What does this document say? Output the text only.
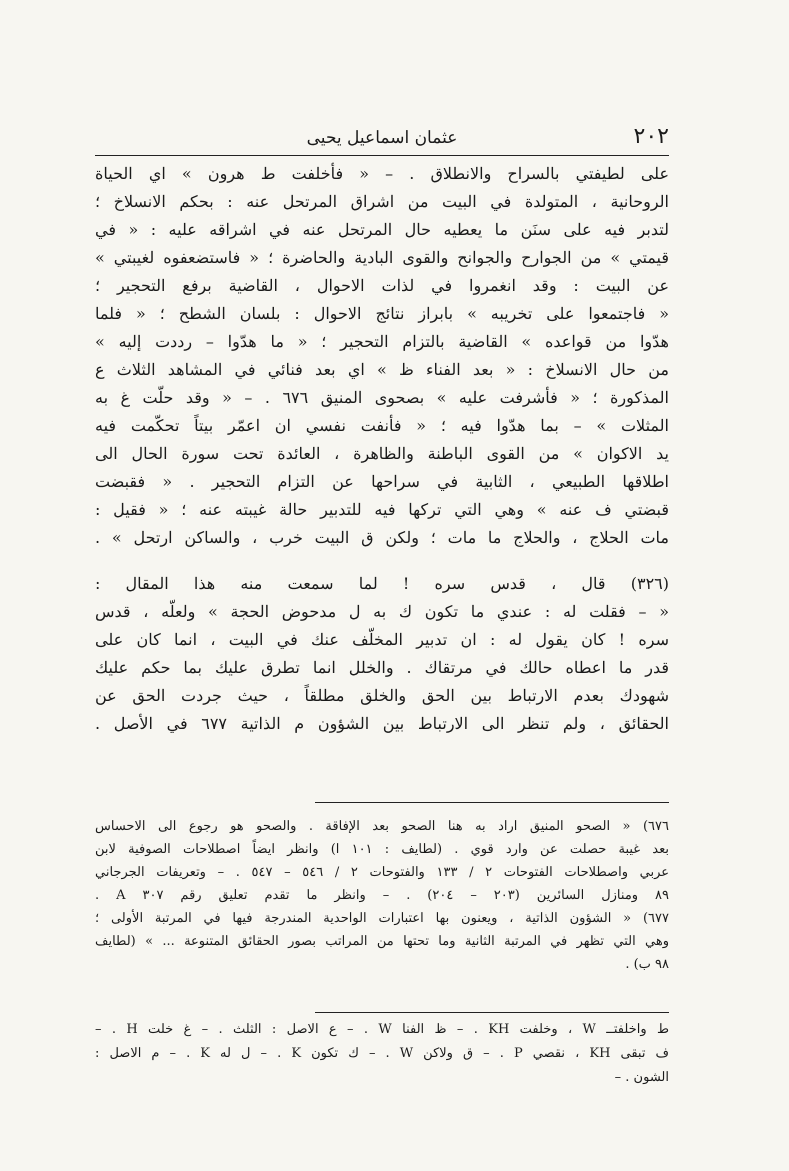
٢٠٢
عثمان اسماعيل يحيى
على لطيفتي بالسراح والانطلاق . – « فأخلفت ط هرون » اي الحياة
الروحانية ، المتولدة في البيت من اشراق المرتحل عنه : بحكم الانسلاخ ؛
لتدبر فيه على سنَن ما يعطيه حال المرتحل عنه في اشراقه عليه : « في
قيمتي » من الجوارح والجوانح والقوى البادية والحاضرة ؛ « فاستضعفوه لغيبتي »
عن البيت : وقد انغمروا في لذات الاحوال ، القاضية برفع التحجير ؛
« فاجتمعوا على تخريبه » بابراز نتائج الاحوال : بلسان الشطح ؛ « فلما
هدّوا من قواعده » القاضية بالتزام التحجير ؛ « ما هدّوا – رددت إليه »
من حال الانسلاخ : « بعد الفناء ظ » اي بعد فنائي في المشاهد الثلاث ع
المذكورة ؛ « فأشرفت عليه » بصحوى المنيق ٦٧٦ . – « وقد حلّت غ به
المثلات » – بما هدّوا فيه ؛ « فأنفت نفسي ان اعمّر بيتاً تحكّمت فيه
يد الاكوان » من القوى الباطنة والظاهرة ، العائدة تحت سورة الحال الى
اطلاقها الطبيعي ، الثابية في سراحها عن التزام التحجير . « فقبضت
قبضتي ف عنه » وهي التي تركها فيه للتدبير حالة غيبته عنه ؛ « فقيل :
مات الحلاج ، والحلاج ما مات ؛ ولكن ق البيت خرب ، والساكن ارتحل » .
(٣٢٦) قال ، قدس سره ! لما سمعت منه هذا المقال :
« – فقلت له : عندي ما تكون ك به ل مدحوض الحجة » ولعلّه ، قدس
سره ! كان يقول له : ان تدبير المخلّف عنك في البيت ، انما كان على
قدر ما اعطاه حالك في مرتقاك . والخلل انما تطرق عليك بما حكم عليك
شهودك بعدم الارتباط بين الحق والخلق مطلقاً ، حيث جردت الحق عن
الحقائق ، ولم تنظر الى الارتباط بين الشؤون م الذاتية ٦٧٧ في الأصل .
٦٧٦) « الصحو المنيق اراد به هنا الصحو بعد الإفاقة . والصحو هو رجوع الى الاحساس
بعد غيبة حصلت عن وارد قوي . (لطايف : ١٠١ ا) وانظر ايضاً اصطلاحات الصوفية لابن
عربي واصطلاحات الفتوحات ٢ / ١٣٣ والفتوحات ٢ / ٥٤٦ – ٥٤٧ . – وتعريفات الجرجاني
٨٩ ومنازل السائرين (٢٠٣ – ٢٠٤) . – وانظر ما تقدم تعليق رقم ٣٠٧ A .
٦٧٧) « الشؤون الذاتية ، ويعنون بها اعتبارات الواحدية المندرجة فيها في المرتبة الأولى ؛
وهي التي تظهر في المرتبة الثانية وما تحتها من المراتب بصور الحقائق المتنوعة ... » (لطايف
٩٨ ب) .
ط واخلفتــ W ، وخلفت KH . – ظ الفنا W . – ع الاصل : الثلث . – غ خلت H . –
ف تبقى KH ، نقصي P . – ق ولاكن W . – ك تكون K . – ل له K . – م الاصل :
الشون . –
